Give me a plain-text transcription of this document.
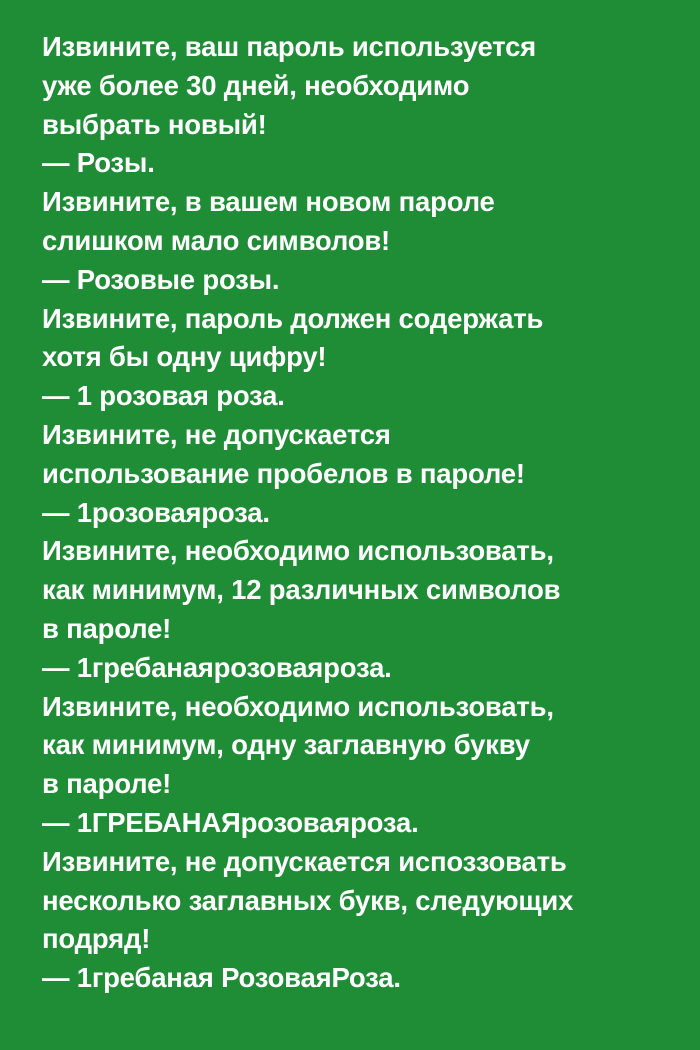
Извините, ваш пароль используется
уже более 30 дней, необходимо
выбрать новый!
— Розы.
Извините, в вашем новом пароле
слишком мало символов!
— Розовые розы.
Извините, пароль должен содержать
хотя бы одну цифру!
— 1 розовая роза.
Извините, не допускается
использование пробелов в пароле!
— 1розоваяроза.
Извините, необходимо использовать,
как минимум, 12 различных символов
в пароле!
— 1гребанаярозоваяроза.
Извините, необходимо использовать,
как минимум, одну заглавную букву
в пароле!
— 1ГРЕБАНАЯрозоваяроза.
Извините, не допускается испоззовать
несколько заглавных букв, следующих
подряд!
— 1гребаная РозоваяРоза.
